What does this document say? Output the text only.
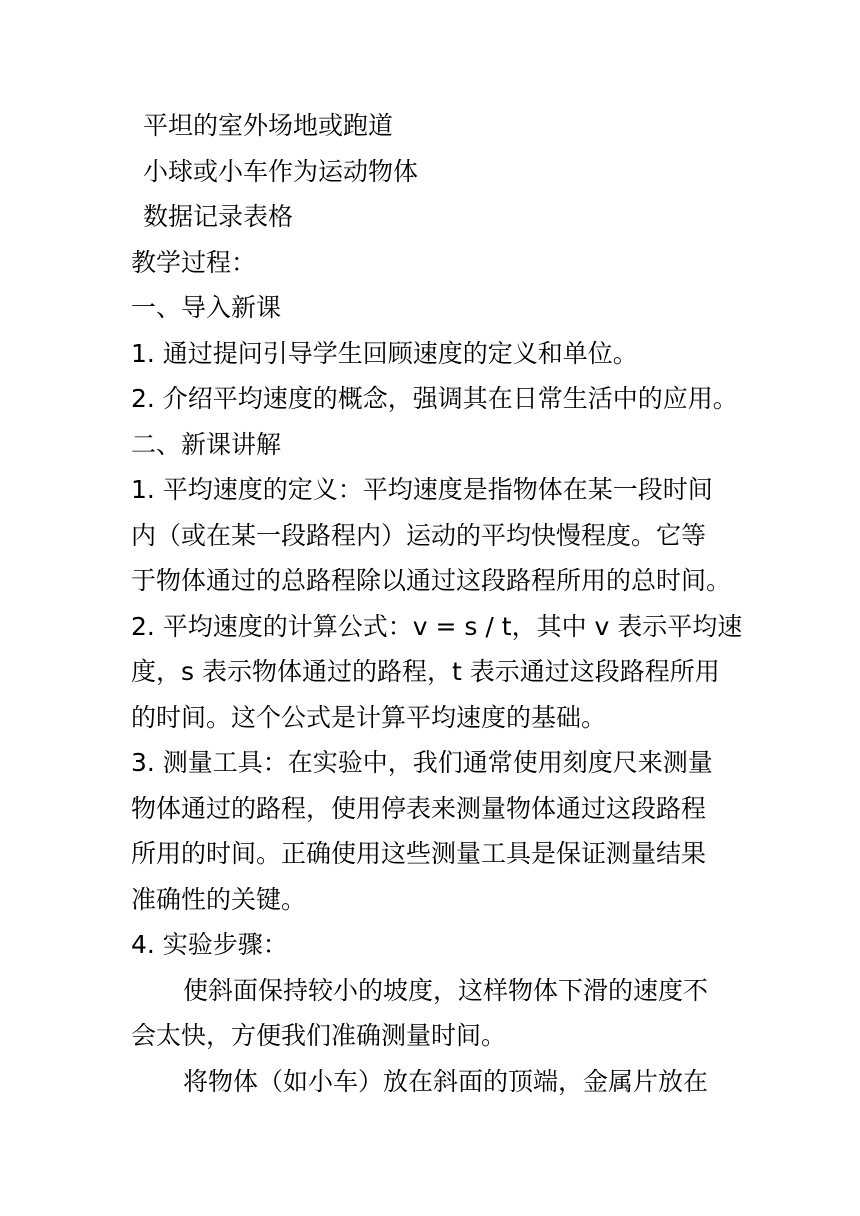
平坦的室外场地或跑道
小球或小车作为运动物体
数据记录表格
教学过程：
一、导入新课
1. 通过提问引导学生回顾速度的定义和单位。
2. 介绍平均速度的概念，强调其在日常生活中的应用。
二、新课讲解
1. 平均速度的定义：平均速度是指物体在某一段时间
内（或在某一段路程内）运动的平均快慢程度。它等
于物体通过的总路程除以通过这段路程所用的总时间。
2. 平均速度的计算公式：v = s / t，其中 v 表示平均速
度，s 表示物体通过的路程，t 表示通过这段路程所用
的时间。这个公式是计算平均速度的基础。
3. 测量工具：在实验中，我们通常使用刻度尺来测量
物体通过的路程，使用停表来测量物体通过这段路程
所用的时间。正确使用这些测量工具是保证测量结果
准确性的关键。
4. 实验步骤：
使斜面保持较小的坡度，这样物体下滑的速度不
会太快，方便我们准确测量时间。
将物体（如小车）放在斜面的顶端，金属片放在
